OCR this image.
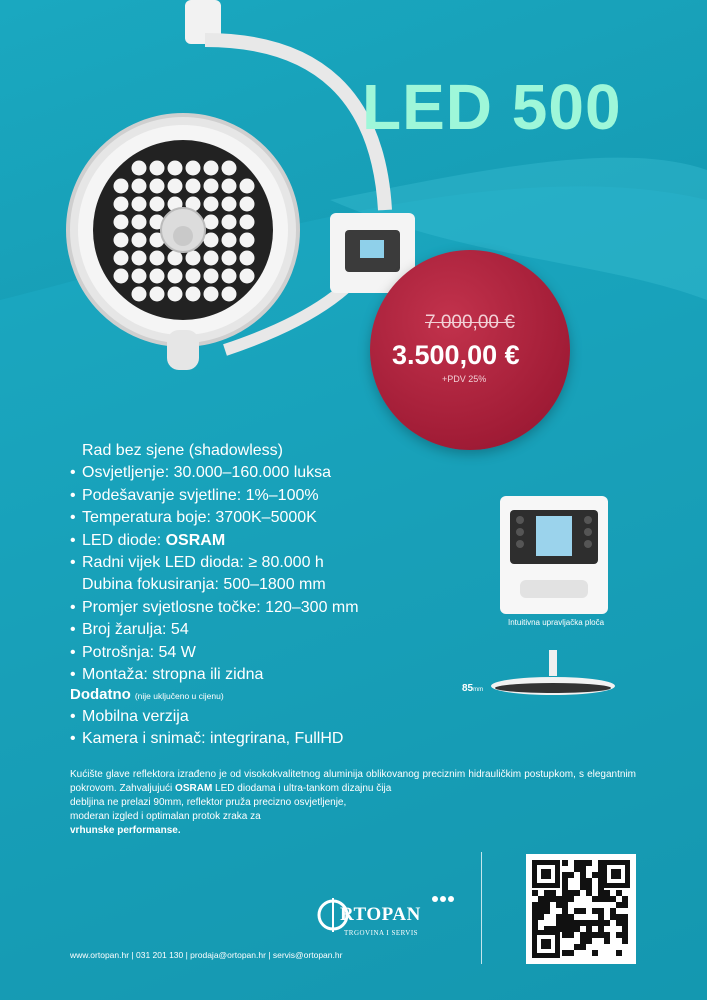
LED 500
7.000,00 €
3.500,00 €
+PDV 25%
Rad bez sjene (shadowless)
• Osvjetljenje: 30.000–160.000 luksa
• Podešavanje svjetline: 1%–100%
• Temperatura boje: 3700K–5000K
• LED diode: OSRAM
• Radni vijek LED dioda: ≥ 80.000 h
Dubina fokusiranja: 500–1800 mm
• Promjer svjetlosne točke: 120–300 mm
• Broj žarulja: 54
• Potrošnja: 54 W
• Montaža: stropna ili zidna
Dodatno (nije uključeno u cijenu)
• Mobilna verzija
• Kamera i snimač: integrirana, FullHD
Intuitivna upravljačka ploča
85mm
Kućište glave reflektora izrađeno je od visokokvalitetnog aluminija oblikovanog preciznim hidrauličkim postupkom, s elegantnim pokrovom. Zahvaljujući OSRAM LED diodama i ultra-tankom dizajnu čija
debljina ne prelazi 90mm, reflektor pruža precizno osvjetljenje,
moderan izgled i optimalan protok zraka za
vrhunske performanse.
RTOPAN
TRGOVINA I SERVIS
www.ortopan.hr | 031 201 130 | prodaja@ortopan.hr | servis@ortopan.hr
